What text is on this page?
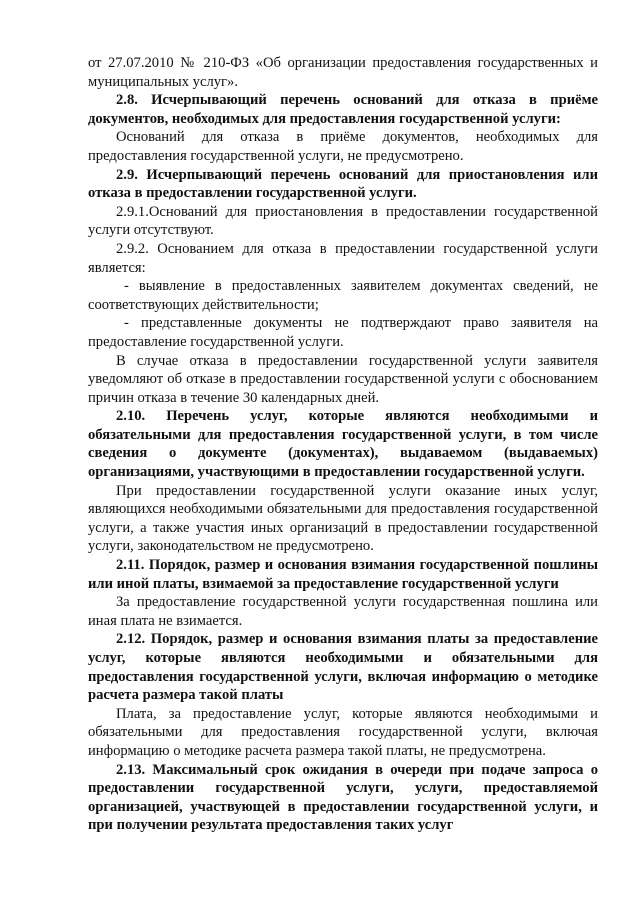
от 27.07.2010 № 210-ФЗ «Об организации предоставления государственных и муниципальных услуг».

2.8. Исчерпывающий перечень оснований для отказа в приёме документов, необходимых для предоставления государственной услуги:

Оснований для отказа в приёме документов, необходимых для предоставления государственной услуги, не предусмотрено.

2.9. Исчерпывающий перечень оснований для приостановления или отказа в предоставлении государственной услуги.

2.9.1.Оснований для приостановления в предоставлении государственной услуги отсутствуют.

2.9.2. Основанием для отказа в предоставлении государственной услуги является:

- выявление в предоставленных заявителем документах сведений, не соответствующих действительности;

- представленные документы не подтверждают право заявителя на предоставление государственной услуги.

В случае отказа в предоставлении государственной услуги заявителя уведомляют об отказе в предоставлении государственной услуги с обоснованием причин отказа в течение 30 календарных дней.

2.10. Перечень услуг, которые являются необходимыми и обязательными для предоставления государственной услуги, в том числе сведения о документе (документах), выдаваемом (выдаваемых) организациями, участвующими в предоставлении государственной услуги.

При предоставлении государственной услуги оказание иных услуг, являющихся необходимыми обязательными для предоставления государственной услуги, а также участия иных организаций в предоставлении государственной услуги, законодательством не предусмотрено.

2.11. Порядок, размер и основания взимания государственной пошлины или иной платы, взимаемой за предоставление государственной услуги

За предоставление государственной услуги государственная пошлина или иная плата не взимается.

2.12. Порядок, размер и основания взимания платы за предоставление услуг, которые являются необходимыми и обязательными для предоставления государственной услуги, включая информацию о методике расчета размера такой платы

Плата, за предоставление услуг, которые являются необходимыми и обязательными для предоставления государственной услуги, включая информацию о методике расчета размера такой платы, не предусмотрена.

2.13. Максимальный срок ожидания в очереди при подаче запроса о предоставлении государственной услуги, услуги, предоставляемой организацией, участвующей в предоставлении государственной услуги, и при получении результата предоставления таких услуг
